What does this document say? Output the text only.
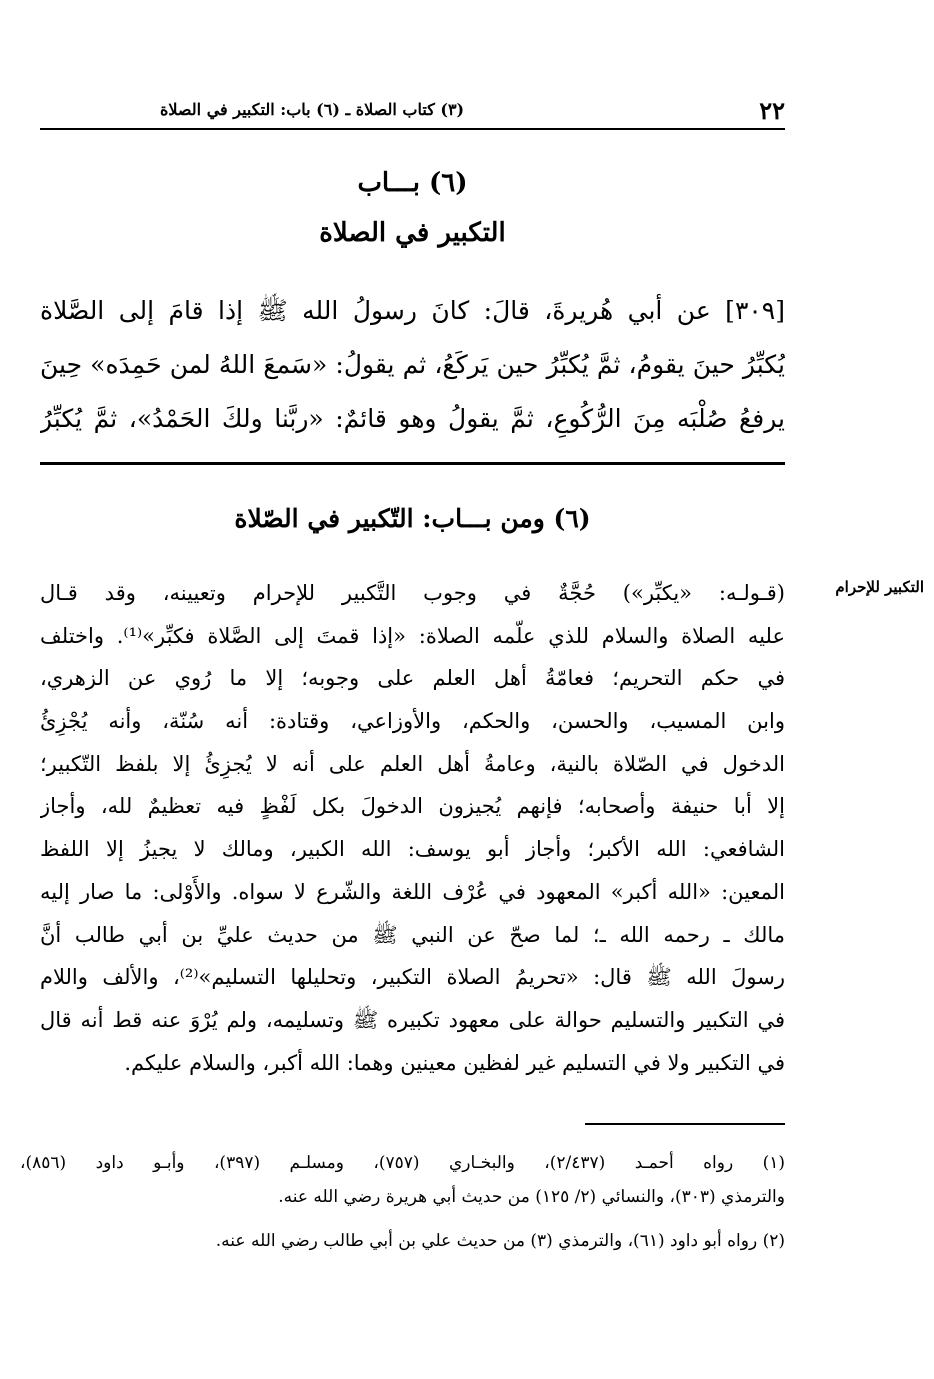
٢٢
(٣) كتاب الصلاة ـ (٦) باب: التكبير في الصلاة
(٦) بـــاب
التكبير في الصلاة
[٣٠٩] عن أبي هُريرةَ، قالَ: كانَ رسولُ الله ﷺ إذا قامَ إلى الصَّلاة
يُكبِّرُ حينَ يقومُ، ثمَّ يُكبِّرُ حين يَركَعُ، ثم يقولُ: «سَمعَ اللهُ لمن حَمِدَه» حِينَ
يرفعُ صُلْبَه مِنَ الرُّكُوعِ، ثمَّ يقولُ وهو قائمٌ: «ربَّنا ولكَ الحَمْدُ»، ثمَّ يُكبِّرُ
(٦) ومن بـــاب: التّكبير في الصّلاة
التكبير للإحرام
(قـولـه: «يكبِّر») حُجَّةٌ في وجوب التَّكبير للإحرام وتعيينه، وقد قـال
عليه الصلاة والسلام للذي علّمه الصلاة: «إذا قمتَ إلى الصَّلاة فكبِّر»⁽¹⁾. واختلف
في حكم التحريم؛ فعامّةُ أهل العلم على وجوبه؛ إلا ما رُوي عن الزهري،
وابن المسيب، والحسن، والحكم، والأوزاعي، وقتادة: أنه سُنّة، وأنه يُجْزِئُ
الدخول في الصّلاة بالنية، وعامةُ أهل العلم على أنه لا يُجزِئُ إلا بلفظ التّكبير؛
إلا أبا حنيفة وأصحابه؛ فإنهم يُجيزون الدخولَ بكل لَفْظٍ فيه تعظيمٌ لله، وأجاز
الشافعي: الله الأكبر؛ وأجاز أبو يوسف: الله الكبير، ومالك لا يجيزُ إلا اللفظ
المعين: «الله أكبر» المعهود في عُرْف اللغة والشّرع لا سواه. والأَوْلى: ما صار إليه
مالك ـ رحمه الله ـ؛ لما صحّ عن النبي ﷺ من حديث عليِّ بن أبي طالب أنَّ
رسولَ الله ﷺ قال: «تحريمُ الصلاة التكبير، وتحليلها التسليم»⁽²⁾، والألف واللام
في التكبير والتسليم حوالة على معهود تكبيره ﷺ وتسليمه، ولم يُرْوَ عنه قط أنه قال
في التكبير ولا في التسليم غير لفظين معينين وهما: الله أكبر، والسلام عليكم.
(١) رواه أحمـد (٢/٤٣٧)، والبخـاري (٧٥٧)، ومسلـم (٣٩٧)، وأبـو داود (٨٥٦)،
والترمذي (٣٠٣)، والنسائي (٢/ ١٢٥) من حديث أبي هريرة رضي الله عنه.
(٢) رواه أبو داود (٦١)، والترمذي (٣) من حديث علي بن أبي طالب رضي الله عنه.
